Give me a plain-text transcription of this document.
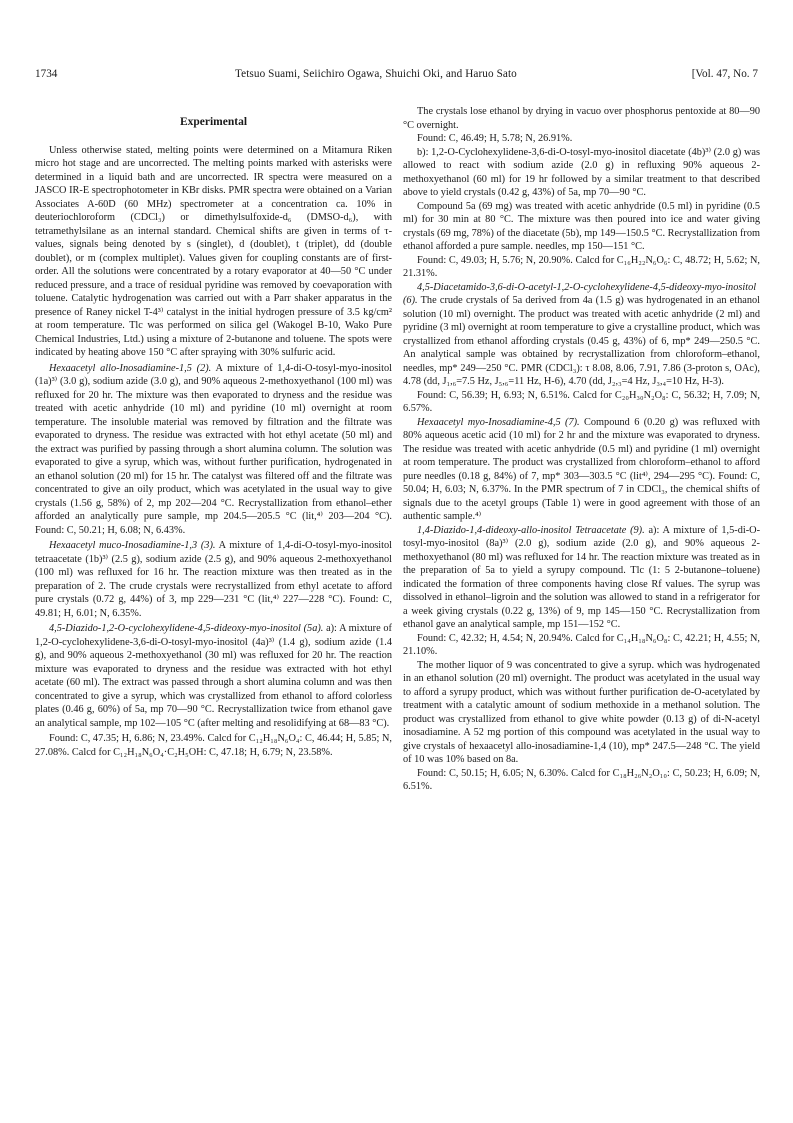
1734	Tetsuo Suami, Seiichiro Ogawa, Shuichi Oki, and Haruo Sato	[Vol. 47, No. 7
Experimental

Unless otherwise stated, melting points were determined on a Mitamura Riken micro hot stage and are uncorrected. The melting points marked with asterisks were determined in a liquid bath and are uncorrected. IR spectra were measured on a JASCO IR-E spectrophotometer in KBr disks. PMR spectra were obtained on a Varian Associates A-60D (60 MHz) spectrometer at a concentration ca. 10% in deuteriochloroform (CDCl₃) or dimethylsulfoxide-d₆ (DMSO-d₆), with tetramethylsilane as an internal standard. Chemical shifts are given in terms of τ-values, signals being denoted by s (singlet), d (doublet), t (triplet), dd (double doublet), or m (complex multiplet). Values given for coupling constants are of first-order. All the solutions were concentrated by a rotary evaporator at 40—50 °C under reduced pressure, and a trace of residual pyridine was removed by coevaporation with toluene. Catalytic hydrogenation was carried out with a Parr shaker apparatus in the presence of Raney nickel T-4³⁾ catalyst in the initial hydrogen pressure of 3.5 kg/cm² at room temperature. Tlc was performed on silica gel (Wakogel B-10, Wako Pure Chemical Industries, Ltd.) using a mixture of 2-butanone and toluene. The spots were indicated by heating above 150 °C after spraying with 30% sulfuric acid.

Hexaacetyl allo-Inosadiamine-1,5 (2). A mixture of 1,4-di-O-tosyl-myo-inositol (1a)³⁾ (3.0 g), sodium azide (3.0 g), and 90% aqueous 2-methoxyethanol (100 ml) was refluxed for 20 hr. The mixture was then evaporated to dryness and the residue was treated with acetic anhydride (10 ml) and pyridine (10 ml) overnight at room temperature. The insoluble material was removed by filtration and the filtrate was evaporated to dryness. The residue was extracted with hot ethyl acetate (50 ml) and the extract was purified by passing through a short alumina column. The solution was evaporated to give a syrup, which was, without further purification, hydrogenated in an ethanol solution (20 ml) for 15 hr. The catalyst was filtered off and the filtrate was concentrated to give an oily product, which was acetylated in the usual way to give crystals (1.56 g, 58%) of 2, mp 202—204 °C. Recrystallization from ethanol–ether afforded an analytically pure sample, mp 204.5—205.5 °C (lit,⁴⁾ 203—204 °C). Found: C, 50.21; H, 6.08; N, 6.43%.

Hexaacetyl muco-Inosadiamine-1,3 (3). A mixture of 1,4-di-O-tosyl-myo-inositol tetraacetate (1b)³⁾ (2.5 g), sodium azide (2.5 g), and 90% aqueous 2-methoxyethanol (100 ml) was refluxed for 16 hr. The reaction mixture was then treated as in the preparation of 2. The crude crystals were recrystallized from ethyl acetate to afford pure crystals (0.72 g, 44%) of 3, mp 229—231 °C (lit,⁴⁾ 227—228 °C). Found: C, 49.81; H, 6.01; N, 6.35%.

4,5-Diazido-1,2-O-cyclohexylidene-4,5-dideoxy-myo-inositol (5a). a): A mixture of 1,2-O-cyclohexylidene-3,6-di-O-tosyl-myo-inositol (4a)³⁾ (1.4 g), sodium azide (1.4 g), and 90% aqueous 2-methoxyethanol (30 ml) was refluxed for 20 hr. The reaction mixture was evaporated to dryness and the residue was extracted with hot ethyl acetate (60 ml). The extract was passed through a short alumina column and was then concentrated to give a syrup, which was crystallized from ethanol to afford colorless plates (0.46 g, 60%) of 5a, mp 70—90 °C. Recrystallization twice from ethanol gave an analytical sample, mp 102—105 °C (after melting and resolidifying at 68—83 °C).

Found: C, 47.35; H, 6.86; N, 23.49%. Calcd for C₁₂H₁₈N₆O₄: C, 46.44; H, 5.85; N, 27.08%. Calcd for C₁₂H₁₈N₆O₄·C₂H₅OH: C, 47.18; H, 6.79; N, 23.58%.

The crystals lose ethanol by drying in vacuo over phosphorus pentoxide at 80—90 °C overnight.

Found: C, 46.49; H, 5.78; N, 26.91%.

b): 1,2-O-Cyclohexylidene-3,6-di-O-tosyl-myo-inositol diacetate (4b)³⁾ (2.0 g) was allowed to react with sodium azide (2.0 g) in refluxing 90% aqueous 2-methoxyethanol (60 ml) for 19 hr followed by a similar treatment to that described above to yield crystals (0.42 g, 43%) of 5a, mp 70—90 °C.

Compound 5a (69 mg) was treated with acetic anhydride (0.5 ml) in pyridine (0.5 ml) for 30 min at 80 °C. The mixture was then poured into ice and water giving crystals (69 mg, 78%) of the diacetate (5b), mp 149—150.5 °C. Recrystallization from ethanol afforded a pure sample. needles, mp 150—151 °C.

Found: C, 49.03; H, 5.76; N, 20.90%. Calcd for C₁₆H₂₂N₆O₆: C, 48.72; H, 5.62; N, 21.31%.

4,5-Diacetamido-3,6-di-O-acetyl-1,2-O-cyclohexylidene-4,5-dideoxy-myo-inositol (6). The crude crystals of 5a derived from 4a (1.5 g) was hydrogenated in an ethanol solution (10 ml) overnight. The product was treated with acetic anhydride (2 ml) and pyridine (3 ml) overnight at room temperature to give a crystalline product, which was crystallized from ethanol affording crystals (0.45 g, 43%) of 6, mp* 249—250.5 °C. An analytical sample was obtained by recrystallization from chloroform–ethanol, needles, mp* 249—250 °C. PMR (CDCl₃): τ 8.08, 8.06, 7.91, 7.86 (3-proton s, OAc), 4.78 (dd, J₁,₆=7.5 Hz, J₅,₆=11 Hz, H-6), 4.70 (dd, J₂,₃=4 Hz, J₃,₄=10 Hz, H-3).

Found: C, 56.39; H, 6.93; N, 6.51%. Calcd for C₂₀H₃₀N₂O₈: C, 56.32; H, 7.09; N, 6.57%.

Hexaacetyl myo-Inosadiamine-4,5 (7). Compound 6 (0.20 g) was refluxed with 80% aqueous acetic acid (10 ml) for 2 hr and the mixture was evaporated to dryness. The residue was treated with acetic anhydride (0.5 ml) and pyridine (1 ml) overnight at room temperature. The product was crystallized from chloroform–ethanol to afford pure needles (0.18 g, 84%) of 7, mp* 303—303.5 °C (lit⁴⁾, 294—295 °C). Found: C, 50.04; H, 6.03; N, 6.37%. In the PMR spectrum of 7 in CDCl₃, the chemical shifts of signals due to the acetyl groups (Table 1) were in good agreement with those of an authentic sample.⁴⁾

1,4-Diazido-1,4-dideoxy-allo-inositol Tetraacetate (9). a): A mixture of 1,5-di-O-tosyl-myo-inositol (8a)³⁾ (2.0 g), sodium azide (2.0 g), and 90% aqueous 2-methoxyethanol (80 ml) was refluxed for 14 hr. The reaction mixture was treated as in the preparation of 5a to yield a syrupy compound. Tlc (1: 5 2-butanone–toluene) indicated the formation of three components having close Rf values. The syrup was dissolved in ethanol–ligroin and the solution was allowed to stand in a refrigerator for a week giving crystals (0.22 g, 13%) of 9, mp 145—150 °C. Recrystallization from ethanol gave an analytical sample, mp 151—152 °C.

Found: C, 42.32; H, 4.54; N, 20.94%. Calcd for C₁₄H₁₈N₆O₈: C, 42.21; H, 4.55; N, 21.10%.

The mother liquor of 9 was concentrated to give a syrup. which was hydrogenated in an ethanol solution (20 ml) overnight. The product was acetylated in the usual way to afford a syrupy product, which was without further purification de-O-acetylated by treatment with a catalytic amount of sodium methoxide in a methanol solution. The product was crystallized from ethanol to give white powder (0.13 g) of di-N-acetyl inosadiamine. A 52 mg portion of this compound was acetylated in the usual way to give crystals of hexaacetyl allo-inosadiamine-1,4 (10), mp* 247.5—248 °C. The yield of 10 was 10% based on 8a.

Found: C, 50.15; H, 6.05; N, 6.30%. Calcd for C₁₈H₂₆N₂O₁₀: C, 50.23; H, 6.09; N, 6.51%.
